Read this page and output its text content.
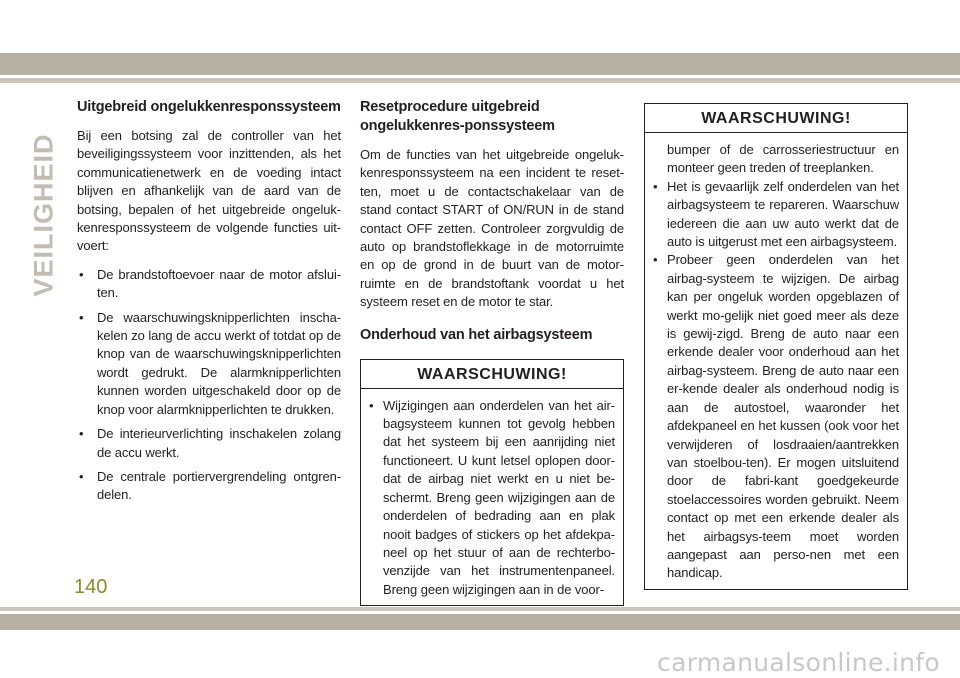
VEILIGHEID
Uitgebreid ongelukkenresponssysteem

Bij een botsing zal de controller van het beveiligingssysteem voor inzittenden, als het communicatienetwerk en de voeding intact blijven en afhankelijk van de aard van de botsing, bepalen of het uitgebreide ongeluk-kenresponssysteem de volgende functies uit-voert:

• De brandstoftoevoer naar de motor afslui-ten.
• De waarschuwingsknipperlichten inscha-kelen zo lang de accu werkt of totdat op de knop van de waarschuwingsknipperlichten wordt gedrukt. De alarmknipperlichten kunnen worden uitgeschakeld door op de knop voor alarmknipperlichten te drukken.
• De interieurverlichting inschakelen zolang de accu werkt.
• De centrale portiervergrendeling ontgren-delen.
Resetprocedure uitgebreid ongelukkenres-ponssysteem

Om de functies van het uitgebreide ongeluk-kenresponssysteem na een incident te reset-ten, moet u de contactschakelaar van de stand contact START of ON/RUN in de stand contact OFF zetten. Controleer zorgvuldig de auto op brandstoflekkage in de motorruimte en op de grond in de buurt van de motor-ruimte en de brandstoftank voordat u het systeem reset en de motor te star.

Onderhoud van het airbagsysteem
WAARSCHUWING!
• Wijzigingen aan onderdelen van het air-bagsysteem kunnen tot gevolg hebben dat het systeem bij een aanrijding niet functioneert. U kunt letsel oplopen door-dat de airbag niet werkt en u niet be-schermt. Breng geen wijzigingen aan de onderdelen of bedrading aan en plak nooit badges of stickers op het afdekpa-neel op het stuur of aan de rechterbo-venzijde van het instrumentenpaneel. Breng geen wijzigingen aan in de voor-
WAARSCHUWING!

bumper of de carrosseriestructuur en monteer geen treden of treeplanken.

• Het is gevaarlijk zelf onderdelen van het airbagsysteem te repareren. Waarschuw iedereen die aan uw auto werkt dat de auto is uitgerust met een airbagsysteem.
• Probeer geen onderdelen van het airbag-systeem te wijzigen. De airbag kan per ongeluk worden opgeblazen of werkt mo-gelijk niet goed meer als deze is gewij-zigd. Breng de auto naar een erkende dealer voor onderhoud aan het airbag-systeem. Breng de auto naar een er-kende dealer als onderhoud nodig is aan de autostoel, waaronder het afdekpaneel en het kussen (ook voor het verwijderen of losdraaien/aantrekken van stoelbou-ten). Er mogen uitsluitend door de fabri-kant goedgekeurde stoelaccessoires worden gebruikt. Neem contact op met een erkende dealer als het airbagsys-teem moet worden aangepast aan perso-nen met een handicap.
140
carmanualsonline.info
